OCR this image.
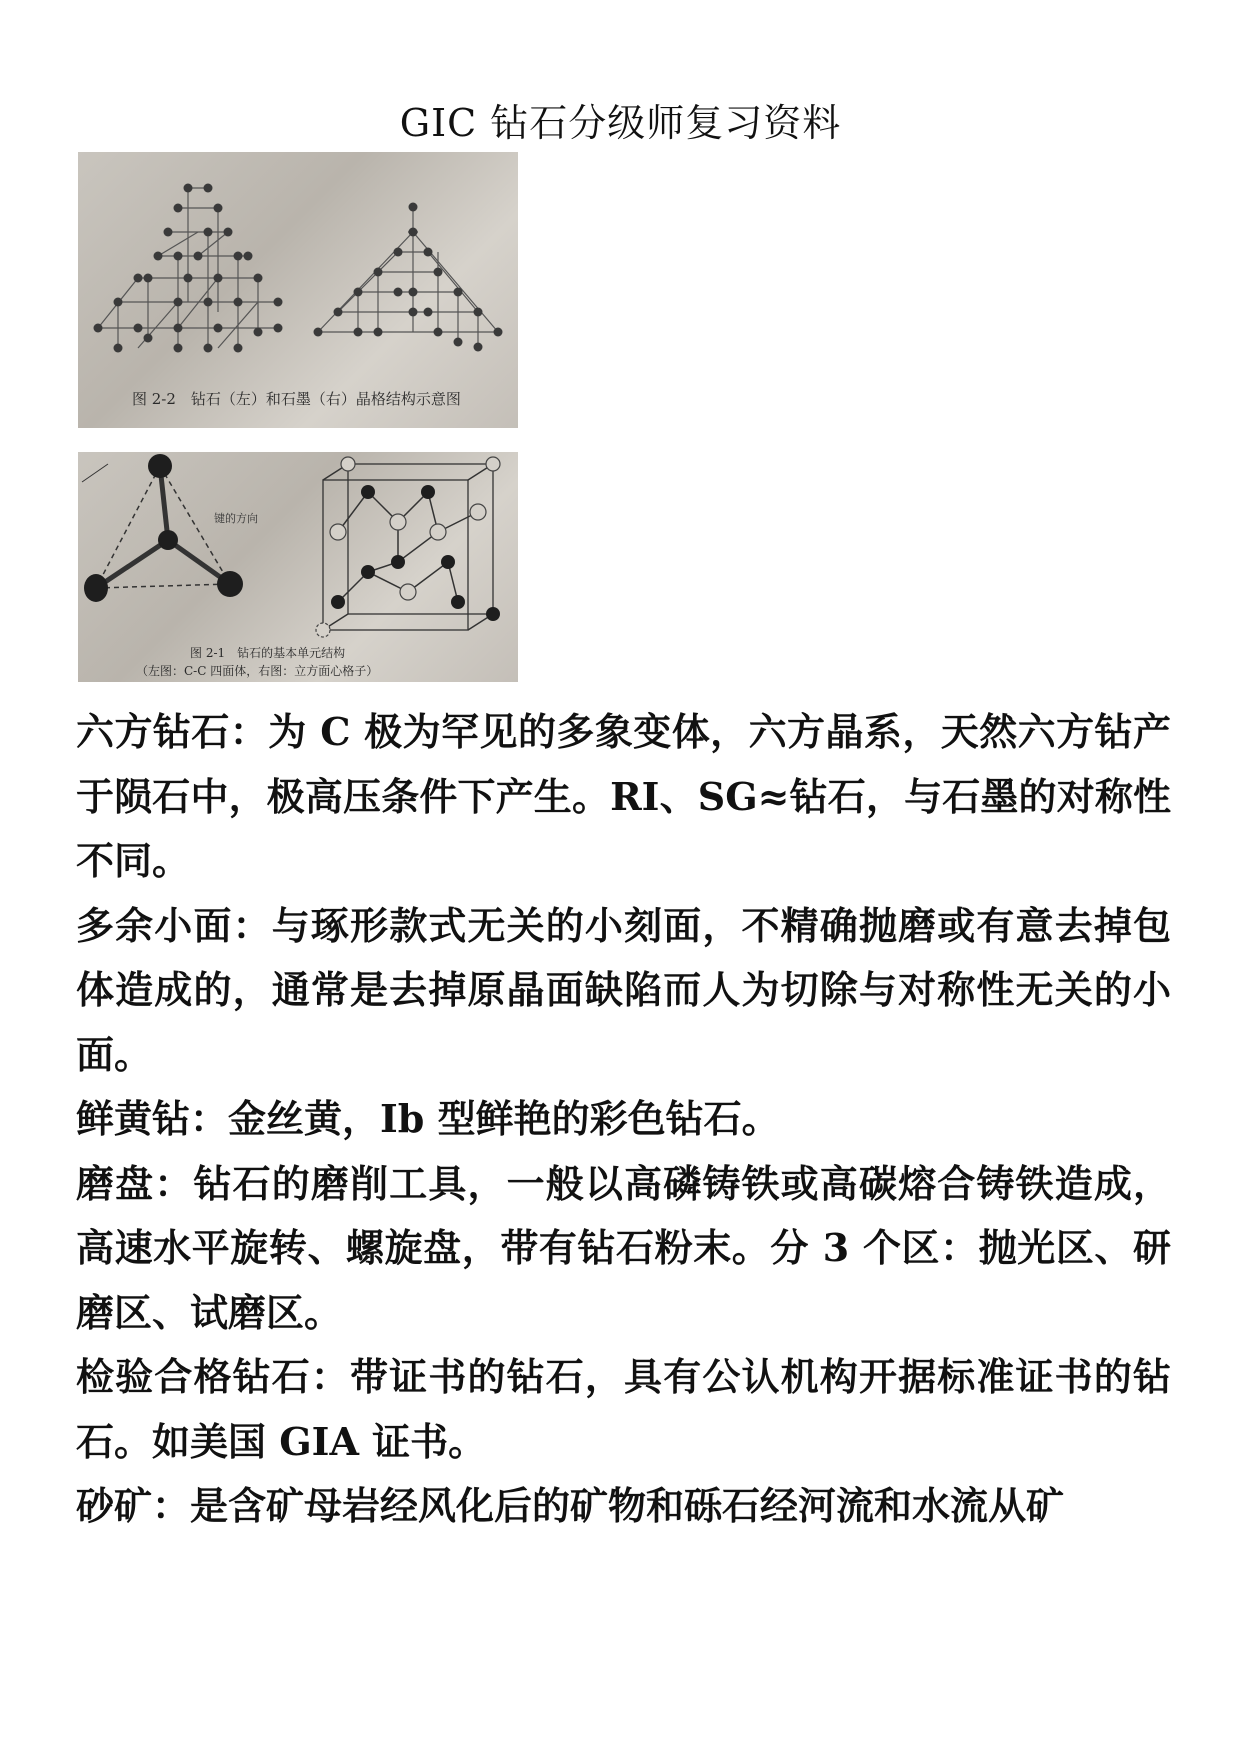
GIC 钻石分级师复习资料
图 2-2　钻石（左）和石墨（右）晶格结构示意图
键的方向
图 2-1　钻石的基本单元结构
（左图：C-C 四面体，右图：立方面心格子）

六方钻石：为 C 极为罕见的多象变体，六方晶系，天然六方钻产于陨石中，极高压条件下产生。RI、SG≈钻石，与石墨的对称性不同。

多余小面：与琢形款式无关的小刻面，不精确抛磨或有意去掉包体造成的，通常是去掉原晶面缺陷而人为切除与对称性无关的小面。

鲜黄钻：金丝黄，Ⅰb 型鲜艳的彩色钻石。

磨盘：钻石的磨削工具，一般以高磷铸铁或高碳熔合铸铁造成，高速水平旋转、螺旋盘，带有钻石粉末。分 3 个区：抛光区、研磨区、试磨区。

检验合格钻石：带证书的钻石，具有公认机构开据标准证书的钻石。如美国 GIA 证书。

砂矿：是含矿母岩经风化后的矿物和砾石经河流和水流从矿
